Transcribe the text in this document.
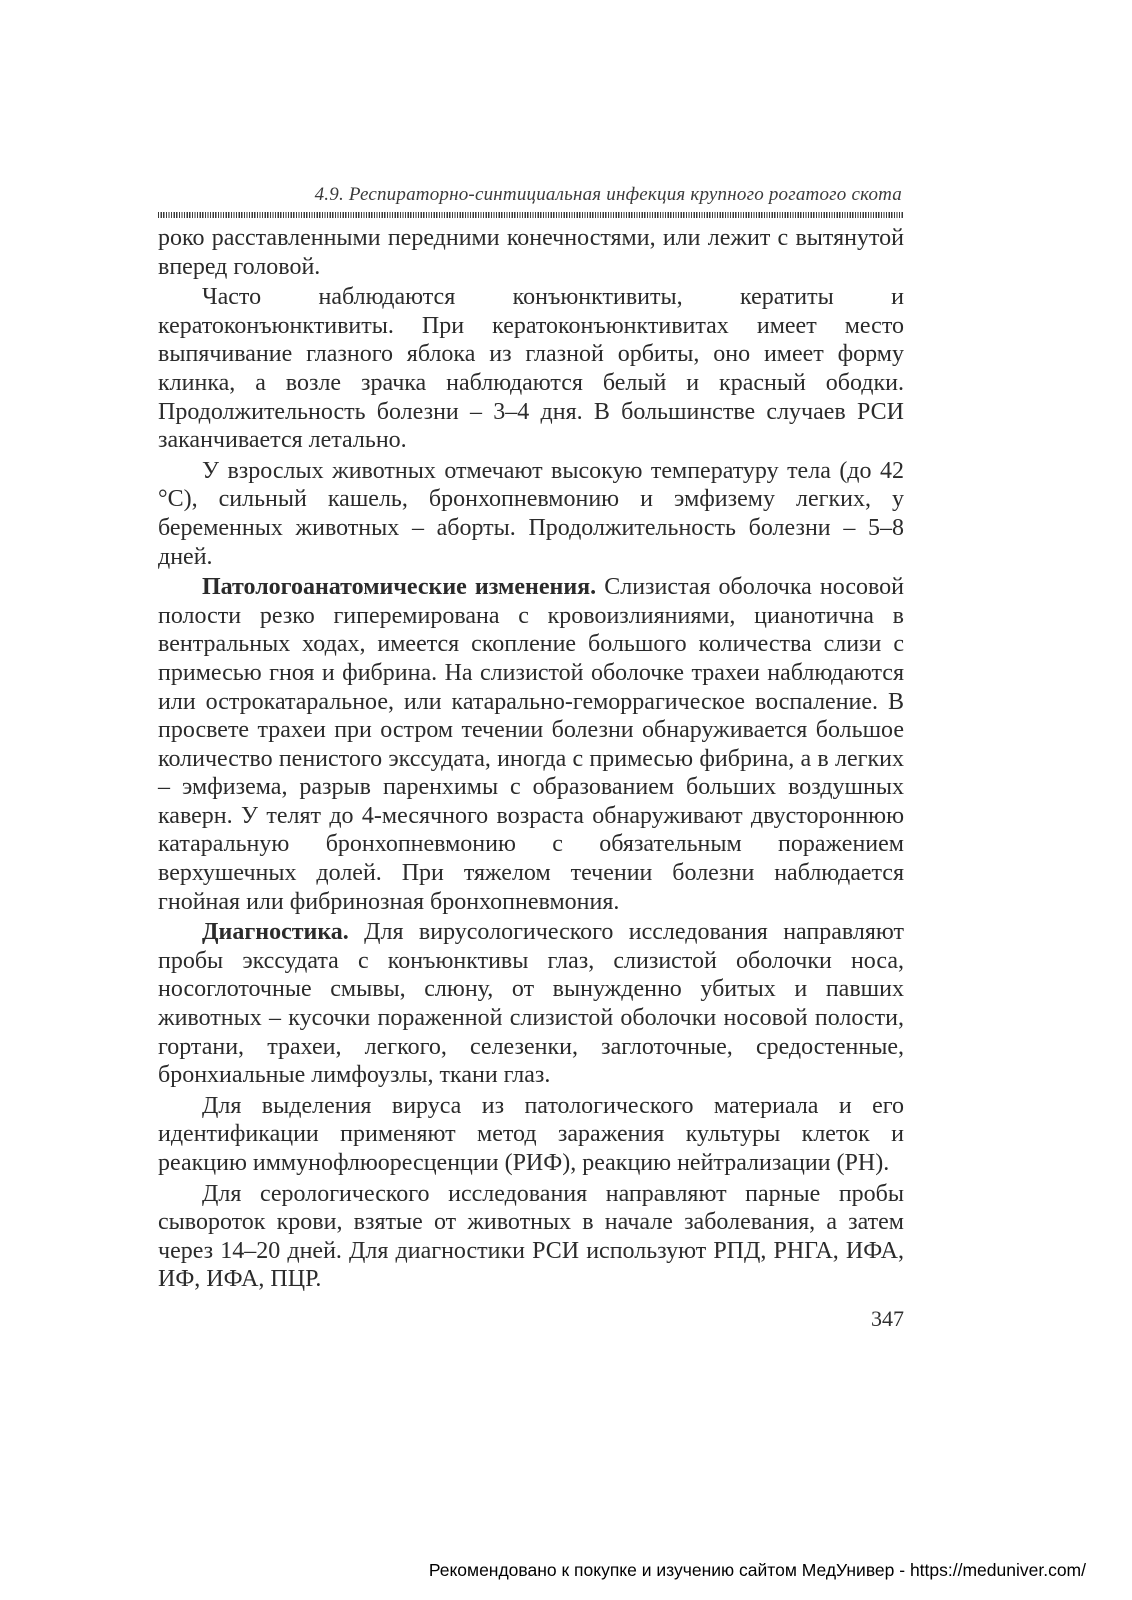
4.9. Респираторно-синтициальная инфекция крупного рогатого скота

роко расставленными передними конечностями, или лежит с вытянутой вперед головой.

Часто наблюдаются конъюнктивиты, кератиты и кератоконъюнктивиты. При кератоконъюнктивитах имеет место выпячивание глазного яблока из глазной орбиты, оно имеет форму клинка, а возле зрачка наблюдаются белый и красный ободки. Продолжительность болезни – 3–4 дня. В большинстве случаев РСИ заканчивается летально.

У взрослых животных отмечают высокую температуру тела (до 42 °С), сильный кашель, бронхопневмонию и эмфизему легких, у беременных животных – аборты. Продолжительность болезни – 5–8 дней.

Патологоанатомические изменения. Слизистая оболочка носовой полости резко гиперемирована с кровоизлияниями, цианотична в вентральных ходах, имеется скопление большого количества слизи с примесью гноя и фибрина. На слизистой оболочке трахеи наблюдаются или острокатаральное, или катарально-геморрагическое воспаление. В просвете трахеи при остром течении болезни обнаруживается большое количество пенистого экссудата, иногда с примесью фибрина, а в легких – эмфизема, разрыв паренхимы с образованием больших воздушных каверн. У телят до 4-месячного возраста обнаруживают двустороннюю катаральную бронхопневмонию с обязательным поражением верхушечных долей. При тяжелом течении болезни наблюдается гнойная или фибринозная бронхопневмония.

Диагностика. Для вирусологического исследования направляют пробы экссудата с конъюнктивы глаз, слизистой оболочки носа, носоглоточные смывы, слюну, от вынужденно убитых и павших животных – кусочки пораженной слизистой оболочки носовой полости, гортани, трахеи, легкого, селезенки, заглоточные, средостенные, бронхиальные лимфоузлы, ткани глаз.

Для выделения вируса из патологического материала и его идентификации применяют метод заражения культуры клеток и реакцию иммунофлюоресценции (РИФ), реакцию нейтрализации (РН).

Для серологического исследования направляют парные пробы сывороток крови, взятые от животных в начале заболевания, а затем через 14–20 дней. Для диагностики РСИ используют РПД, РНГА, ИФА, ИФ, ИФА, ПЦР.

347
Рекомендовано к покупке и изучению сайтом МедУнивер - https://meduniver.com/
